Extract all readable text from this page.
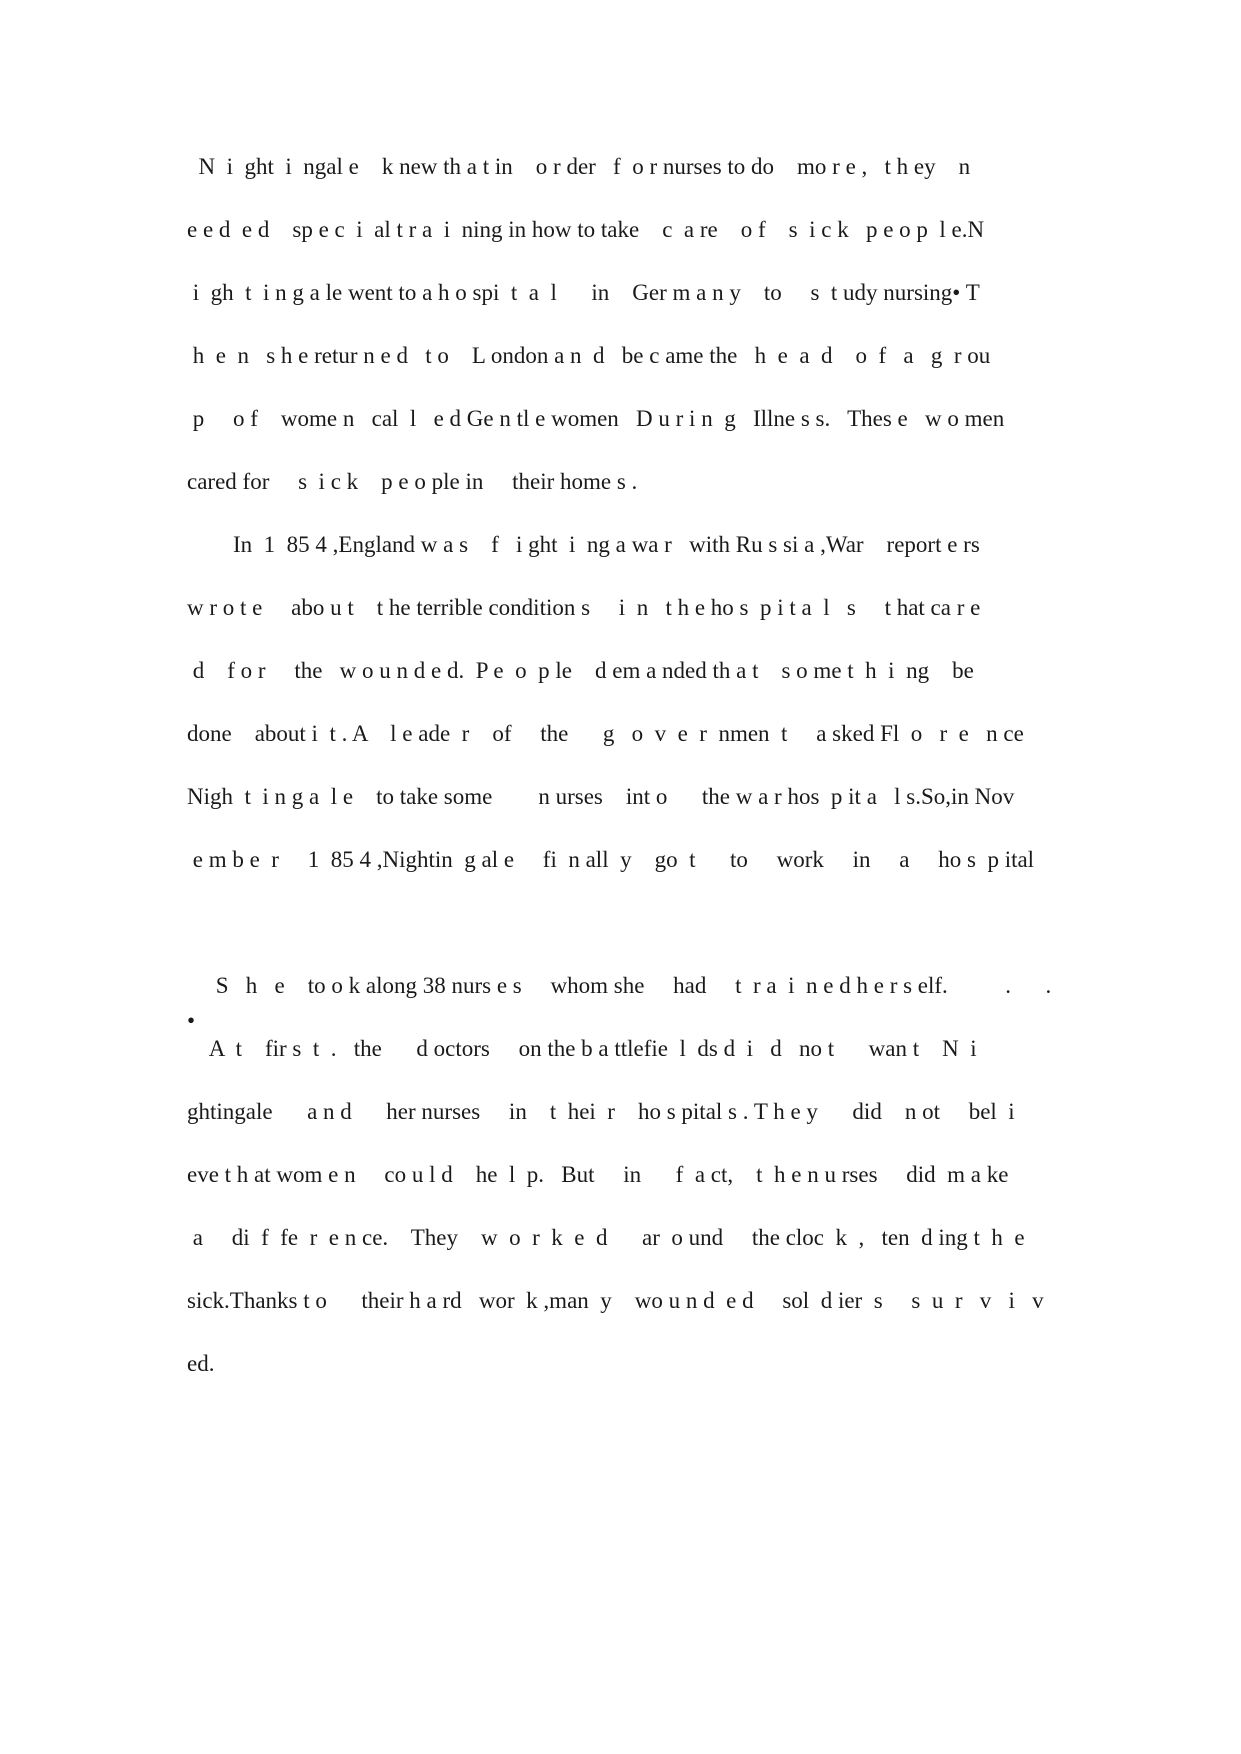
N  i  ght  i  ngal e    k new th a t in    o r der   f  o r nurses to do    mo r e ,   t h ey    n
e e d  e d    sp e c  i  al t r a  i  ning in how to take    c  a re    o f    s  i c k   p e o p  l e.N
i  gh  t  i n g a le went to a h o spi  t  a  l      in    Ger m a n y    to     s  t udy nursing• T
h  e  n   s h e retur n e d   t o    L ondon a n  d   be c ame the   h  e  a  d    o  f   a   g  r ou
p     o f    wome n   cal  l   e d Ge n tl e women   D u r i n  g   Illne s s.   Thes e   w o men
cared for     s  i c k    p e o ple in     their home s .
In  1  85 4 ,England w a s    f   i ght  i  ng a wa r   with Ru s si a ,War    report e rs
w r o t e     abo u t    t he terrible condition s     i  n   t h e ho s  p i t a  l   s     t hat ca r e
d    f o r     the   w o u n d e d.  P e  o  p le    d em a nded th a t    s o me t  h  i  ng    be
done    about i  t . A    l e ade  r    of     the      g   o  v  e  r  nmen  t     a sked Fl  o   r  e   n ce
Nigh  t  i n g a  l e    to take some        n urses    int o      the w a r hos  p it a   l s.So,in Nov
e m b e  r     1  85 4 ,Nightin  g al e     fi  n all  y    go  t      to     work     in     a     ho s  p ital
•
S   h   e    to o k along 38 nurs e s     whom she     had     t  r a  i  n e d h e r s elf.          .      .
A  t    fir s  t  .   the      d octors     on the b a ttlefie  l  ds d  i   d   no t      wan t    N  i
ghtingale      a n d      her nurses     in    t  hei  r    ho s pital s . T h e y      did    n ot     bel  i
eve t h at wom e n     co u l d    he  l  p.   But     in      f  a ct,    t  h e n u rses     did  m a ke
a     di  f  fe  r  e n ce.    They    w  o  r  k  e  d      ar  o und     the cloc  k  ,   ten  d ing t  h  e
sick.Thanks t o      their h a rd   wor  k ,man  y    wo u n d  e d     sol  d ier  s     s  u  r   v   i   v
ed.
